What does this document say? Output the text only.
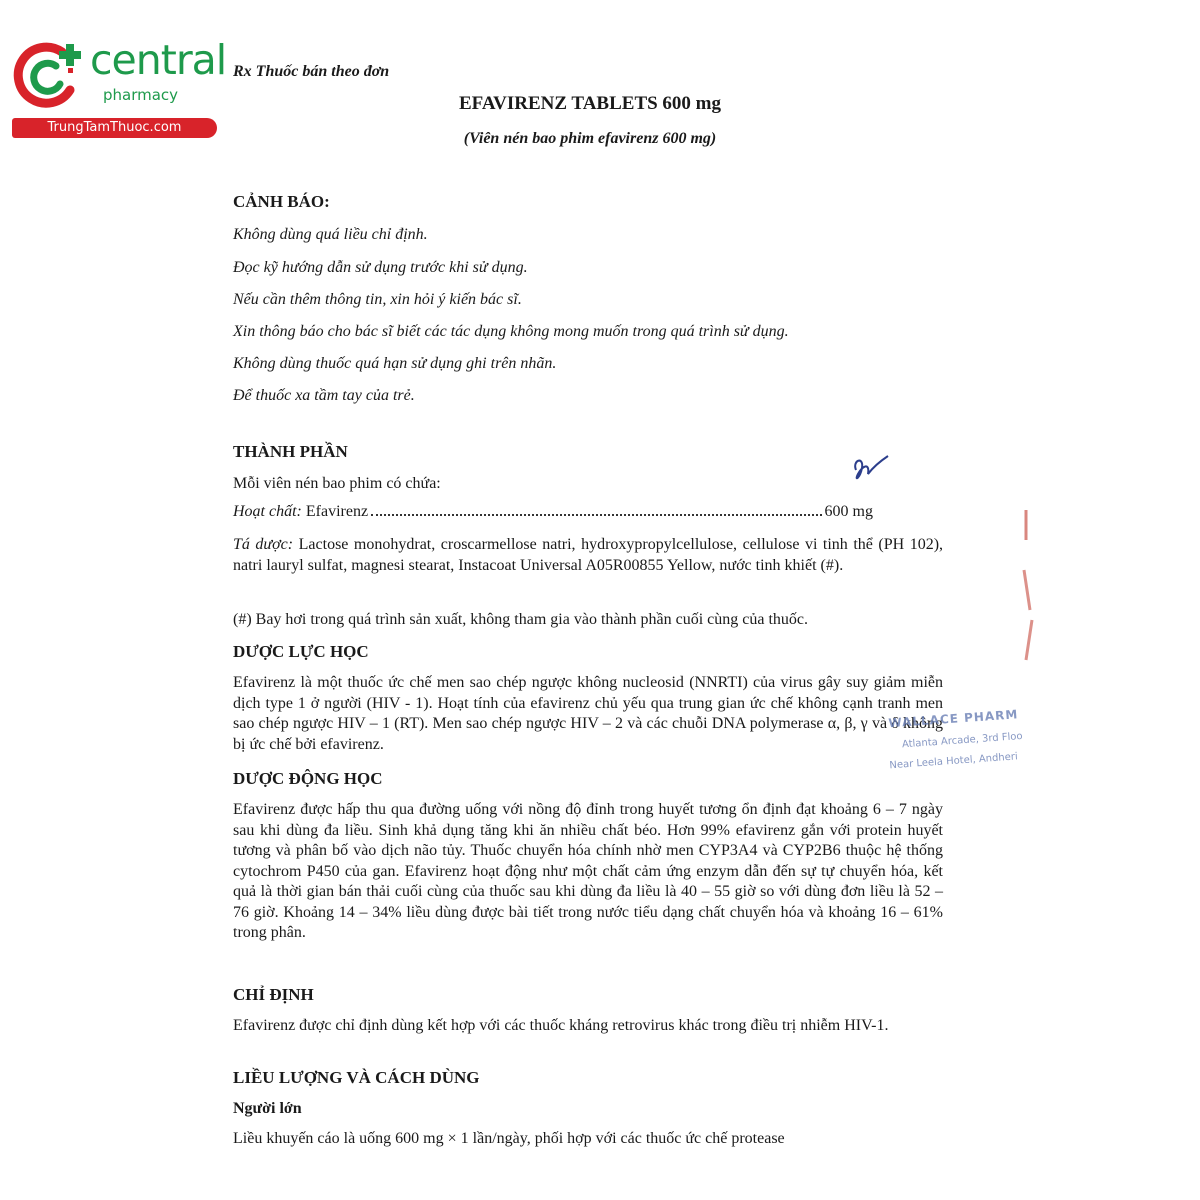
central
pharmacy
TrungTamThuoc.com
Rx Thuốc bán theo đơn
EFAVIRENZ TABLETS 600 mg
(Viên nén bao phim efavirenz 600 mg)
CẢNH BÁO:
Không dùng quá liều chỉ định.
Đọc kỹ hướng dẫn sử dụng trước khi sử dụng.
Nếu cần thêm thông tin, xin hỏi ý kiến bác sĩ.
Xin thông báo cho bác sĩ biết các tác dụng không mong muốn trong quá trình sử dụng.
Không dùng thuốc quá hạn sử dụng ghi trên nhãn.
Để thuốc xa tầm tay của trẻ.
THÀNH PHẦN
Mỗi viên nén bao phim có chứa:
Hoạt chất: Efavirenz	600 mg
Tá dược: Lactose monohydrat, croscarmellose natri, hydroxypropylcellulose, cellulose vi tinh thể (PH 102), natri lauryl sulfat, magnesi stearat, Instacoat Universal A05R00855 Yellow, nước tinh khiết (#).
(#) Bay hơi trong quá trình sản xuất, không tham gia vào thành phần cuối cùng của thuốc.
DƯỢC LỰC HỌC
Efavirenz là một thuốc ức chế men sao chép ngược không nucleosid (NNRTI) của virus gây suy giảm miễn dịch type 1 ở người (HIV - 1). Hoạt tính của efavirenz chủ yếu qua trung gian ức chế không cạnh tranh men sao chép ngược HIV – 1 (RT). Men sao chép ngược HIV – 2 và các chuỗi DNA polymerase α, β, γ và δ không bị ức chế bởi efavirenz.
DƯỢC ĐỘNG HỌC
Efavirenz được hấp thu qua đường uống với nồng độ đỉnh trong huyết tương ổn định đạt khoảng 6 – 7 ngày sau khi dùng đa liều. Sinh khả dụng tăng khi ăn nhiều chất béo. Hơn 99% efavirenz gắn với protein huyết tương và phân bố vào dịch não tủy. Thuốc chuyển hóa chính nhờ men CYP3A4 và CYP2B6 thuộc hệ thống cytochrom P450 của gan. Efavirenz hoạt động như một chất cảm ứng enzym dẫn đến sự tự chuyển hóa, kết quả là thời gian bán thải cuối cùng của thuốc sau khi dùng đa liều là 40 – 55 giờ so với dùng đơn liều là 52 – 76 giờ. Khoảng 14 – 34% liều dùng được bài tiết trong nước tiểu dạng chất chuyển hóa và khoảng 16 – 61% trong phân.
CHỈ ĐỊNH
Efavirenz được chỉ định dùng kết hợp với các thuốc kháng retrovirus khác trong điều trị nhiễm HIV-1.
LIỀU LƯỢNG VÀ CÁCH DÙNG
Người lớn
Liều khuyến cáo là uống 600 mg × 1 lần/ngày, phối hợp với các thuốc ức chế protease
WALLACE PHARM
Atlanta Arcade, 3rd Floo
Near Leela Hotel, Andheri
